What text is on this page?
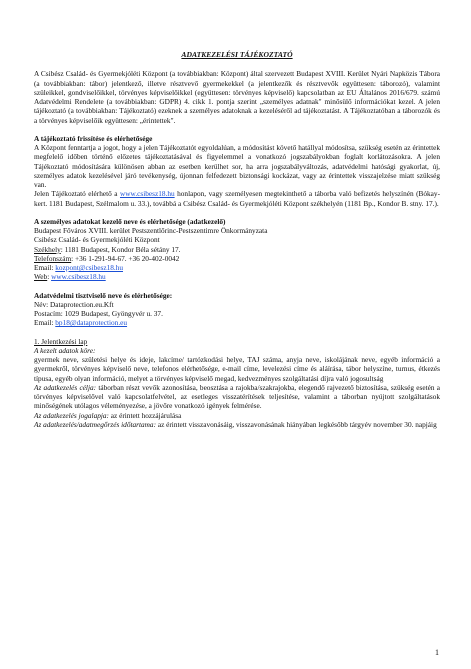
ADATKEZELÉSI TÁJÉKOZTATÓ

A Csibész Család- és Gyermekjóléti Központ (a továbbiakban: Központ) által szervezett Budapest XVIII. Kerület Nyári Napközis Tábora (a továbbiakban: tábor) jelentkező, illetve résztvevő gyermekekkel (a jelentkezők és résztvevők együttesen: táborozó), valamint szüleikkel, gondviselőikkel, törvényes képviselőikkel (együttesen: törvényes képviselő) kapcsolatban az EU Általános 2016/679. számú Adatvédelmi Rendelete (a továbbiakban: GDPR) 4. cikk 1. pontja szerint „személyes adatnak" minősülő információkat kezel. A jelen tájékoztató (a továbbiakban: Tájékoztató) ezeknek a személyes adatoknak a kezeléséről ad tájékoztatást. A Tájékoztatóban a táborozók és a törvényes képviselőik együttesen: „érintettek".

A tájékoztató frissítése és elérhetősége

A Központ fenntartja a jogot, hogy a jelen Tájékoztatót egyoldalúan, a módosítást követő hatállyal módosítsa, szükség esetén az érintettek megfelelő időben történő előzetes tájékoztatásával és figyelemmel a vonatkozó jogszabályokban foglalt korlátozásokra. A jelen Tájékoztató módosítására különösen abban az esetben kerülhet sor, ha arra jogszabályváltozás, adatvédelmi hatósági gyakorlat, új, személyes adatok kezelésével járó tevékenység, újonnan felfedezett biztonsági kockázat, vagy az érintettek visszajelzése miatt szükség van.

Jelen Tájékoztató elérhető a www.csibesz18.hu honlapon, vagy személyesen megtekinthető a táborba való befizetés helyszínén (Bókay-kert. 1181 Budapest, Szélmalom u. 33.), továbbá a Csibész Család- és Gyermekjóléti Központ székhelyén (1181 Bp., Kondor B. stny. 17.).

A személyes adatokat kezelő neve és elérhetősége (adatkezelő)

Budapest Főváros XVIII. kerület Pestszentlőrinc-Pestszentimre Önkormányzata

Csibész Család- és Gyermekjóléti Központ

Székhely: 1181 Budapest, Kondor Béla sétány 17.

Telefonszám: +36 1-291-94-67. +36 20-402-0042

Email: kozpont@csibesz18.hu

Web: www.csibesz18.hu

Adatvédelmi tisztviselő neve és elérhetősége:

Név: Dataprotection.eu.Kft

Postacím: 1029 Budapest, Gyöngyvér u. 37.

Email: bp18@dataprotection.eu

1. Jelentkezési lap

A kezelt adatok köre:

gyermek neve, születési helye és ideje, lakcíme/ tartózkodási helye, TAJ száma, anyja neve, iskolájának neve, egyéb információ a gyermekről, törvényes képviselő neve, telefonos elérhetősége, e-mail címe, levelezési címe és aláírása, tábor helyszíne, turnus, étkezés típusa, egyéb olyan információ, melyet a törvényes képviselő megad, kedvezményes szolgáltatási díjra való jogosultság

Az adatkezelés célja: táborban részt vevők azonosítása, beosztása a rajokba/szakrajokba, elegendő rajvezető biztosítása, szükség esetén a törvényes képviselővel való kapcsolatfelvétel, az esetleges visszatérítések teljesítése, valamint a táborban nyújtott szolgáltatások minőségének utólagos véleményezése, a jövőre vonatkozó igények felmérése.

Az adatkezelés jogalapja: az érintett hozzájárulása

Az adatkezelés/adatmegőrzés időtartama: az érintett visszavonásáig, visszavonásának hiányában legkésőbb tárgyév november 30. napjáig

1
